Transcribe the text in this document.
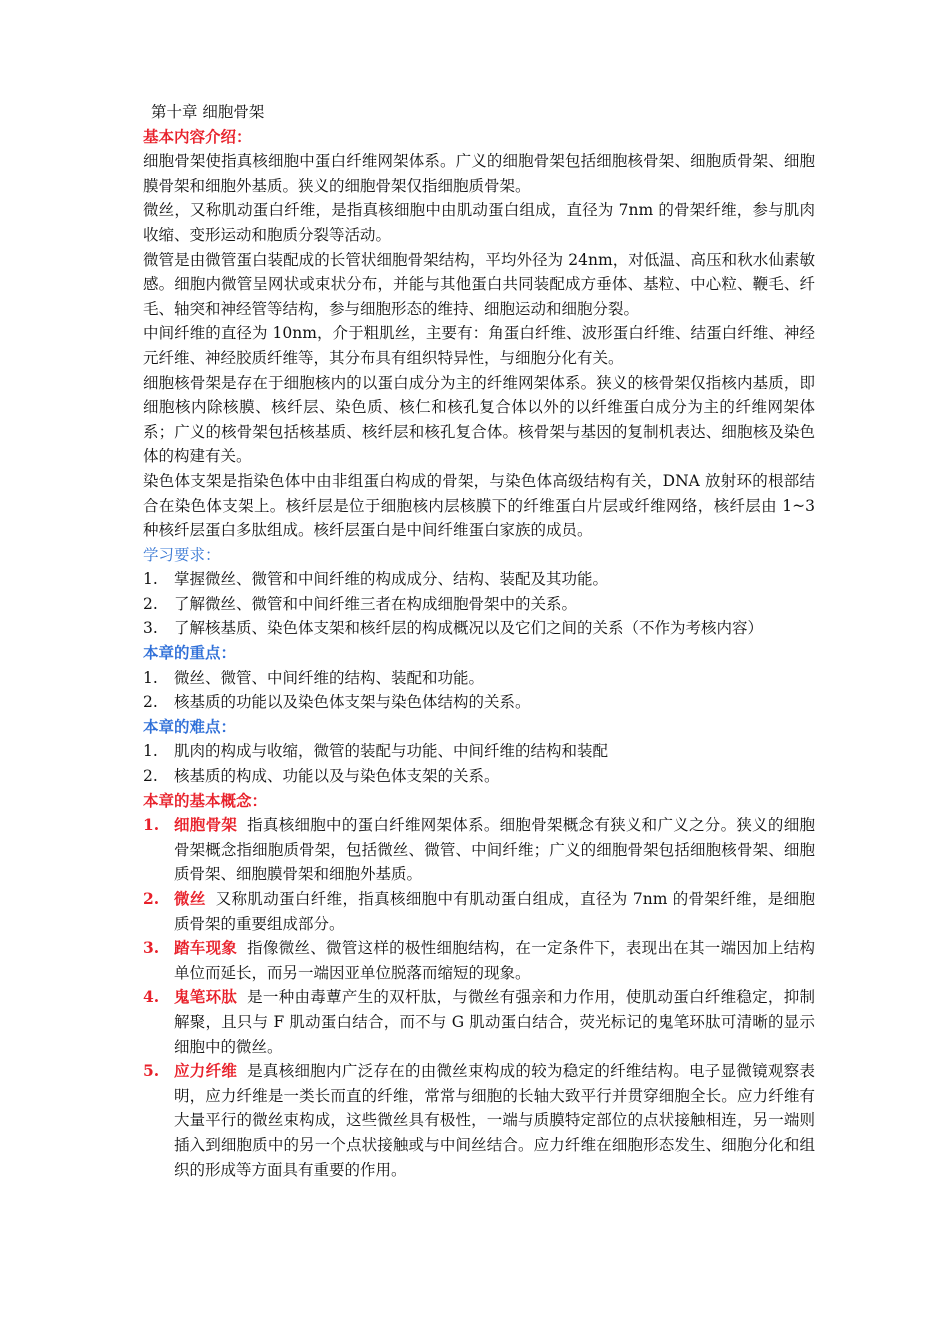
第十章 细胞骨架
基本内容介绍：
细胞骨架使指真核细胞中蛋白纤维网架体系。广义的细胞骨架包括细胞核骨架、细胞质骨架、细胞膜骨架和细胞外基质。狭义的细胞骨架仅指细胞质骨架。
微丝，又称肌动蛋白纤维，是指真核细胞中由肌动蛋白组成，直径为 7nm 的骨架纤维，参与肌肉收缩、变形运动和胞质分裂等活动。
微管是由微管蛋白装配成的长管状细胞骨架结构，平均外径为 24nm，对低温、高压和秋水仙素敏感。细胞内微管呈网状或束状分布，并能与其他蛋白共同装配成方垂体、基粒、中心粒、鞭毛、纤毛、轴突和神经管等结构，参与细胞形态的维持、细胞运动和细胞分裂。
中间纤维的直径为 10nm，介于粗肌丝，主要有：角蛋白纤维、波形蛋白纤维、结蛋白纤维、神经元纤维、神经胶质纤维等，其分布具有组织特异性，与细胞分化有关。
细胞核骨架是存在于细胞核内的以蛋白成分为主的纤维网架体系。狭义的核骨架仅指核内基质，即细胞核内除核膜、核纤层、染色质、核仁和核孔复合体以外的以纤维蛋白成分为主的纤维网架体系；广义的核骨架包括核基质、核纤层和核孔复合体。核骨架与基因的复制机表达、细胞核及染色体的构建有关。
染色体支架是指染色体中由非组蛋白构成的骨架，与染色体高级结构有关，DNA 放射环的根部结合在染色体支架上。核纤层是位于细胞核内层核膜下的纤维蛋白片层或纤维网络，核纤层由 1~3 种核纤层蛋白多肽组成。核纤层蛋白是中间纤维蛋白家族的成员。
学习要求：
1. 掌握微丝、微管和中间纤维的构成成分、结构、装配及其功能。
2. 了解微丝、微管和中间纤维三者在构成细胞骨架中的关系。
3. 了解核基质、染色体支架和核纤层的构成概况以及它们之间的关系（不作为考核内容）
本章的重点：
1. 微丝、微管、中间纤维的结构、装配和功能。
2. 核基质的功能以及染色体支架与染色体结构的关系。
本章的难点：
1. 肌肉的构成与收缩，微管的装配与功能、中间纤维的结构和装配
2. 核基质的构成、功能以及与染色体支架的关系。
本章的基本概念：
1. 细胞骨架 指真核细胞中的蛋白纤维网架体系。细胞骨架概念有狭义和广义之分。狭义的细胞骨架概念指细胞质骨架，包括微丝、微管、中间纤维；广义的细胞骨架包括细胞核骨架、细胞质骨架、细胞膜骨架和细胞外基质。
2. 微丝 又称肌动蛋白纤维，指真核细胞中有肌动蛋白组成，直径为 7nm 的骨架纤维，是细胞质骨架的重要组成部分。
3. 踏车现象 指像微丝、微管这样的极性细胞结构，在一定条件下，表现出在其一端因加上结构单位而延长，而另一端因亚单位脱落而缩短的现象。
4. 鬼笔环肽 是一种由毒蕈产生的双杆肽，与微丝有强亲和力作用，使肌动蛋白纤维稳定，抑制解聚，且只与 F 肌动蛋白结合，而不与 G 肌动蛋白结合，荧光标记的鬼笔环肽可清晰的显示细胞中的微丝。
5. 应力纤维 是真核细胞内广泛存在的由微丝束构成的较为稳定的纤维结构。电子显微镜观察表明，应力纤维是一类长而直的纤维，常常与细胞的长轴大致平行并贯穿细胞全长。应力纤维有大量平行的微丝束构成，这些微丝具有极性，一端与质膜特定部位的点状接触相连，另一端则插入到细胞质中的另一个点状接触或与中间丝结合。应力纤维在细胞形态发生、细胞分化和组织的形成等方面具有重要的作用。
